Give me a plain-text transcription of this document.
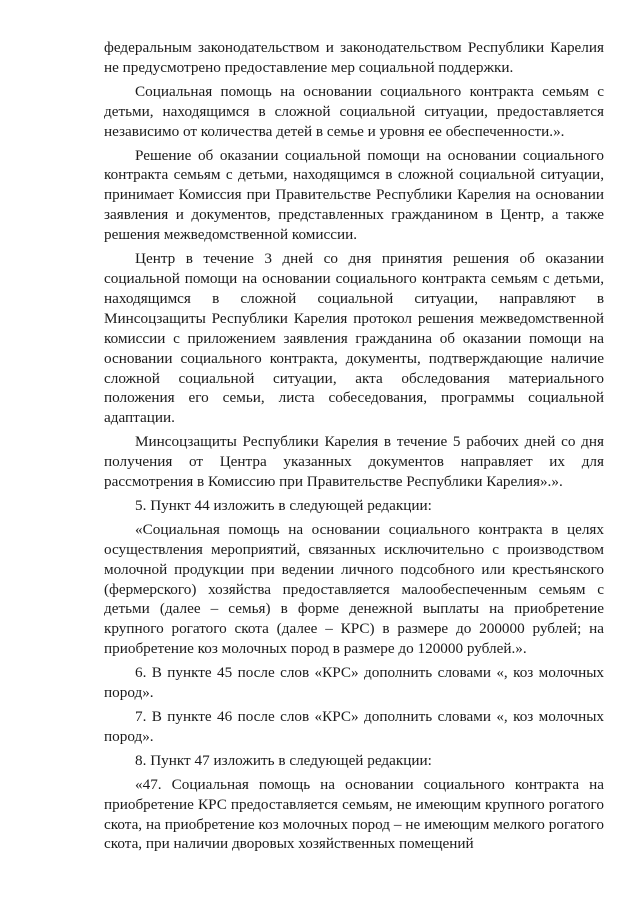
федеральным законодательством и законодательством Республики Карелия не предусмотрено предоставление мер социальной поддержки.

Социальная помощь на основании социального контракта семьям с детьми, находящимся в сложной социальной ситуации, предоставляется независимо от количества детей в семье и уровня ее обеспеченности.».

Решение об оказании социальной помощи на основании социального контракта семьям с детьми, находящимся в сложной социальной ситуации, принимает Комиссия при Правительстве Республики Карелия на основании заявления и документов, представленных гражданином в Центр, а также решения межведомственной комиссии.

Центр в течение 3 дней со дня принятия решения об оказании социальной помощи на основании социального контракта семьям с детьми, находящимся в сложной социальной ситуации, направляют в Минсоцзащиты Республики Карелия протокол решения межведомственной комиссии с приложением заявления гражданина об оказании помощи на основании социального контракта, документы, подтверждающие наличие сложной социальной ситуации, акта обследования материального положения его семьи, листа собеседования, программы социальной адаптации.

Минсоцзащиты Республики Карелия в течение 5 рабочих дней со дня получения от Центра указанных документов направляет их для рассмотрения в Комиссию при Правительстве Республики Карелия».».

5. Пункт 44 изложить в следующей редакции:

«Социальная помощь на основании социального контракта в целях осуществления мероприятий, связанных исключительно с производством молочной продукции при ведении личного подсобного или крестьянского (фермерского) хозяйства предоставляется малообеспеченным семьям с детьми (далее – семья) в форме денежной выплаты на приобретение крупного рогатого скота (далее – КРС) в размере до 200000 рублей; на приобретение коз молочных пород в размере до 120000 рублей.».

6. В пункте 45 после слов «КРС» дополнить словами «, коз молочных пород».

7. В пункте 46 после слов «КРС» дополнить словами «, коз молочных пород».

8. Пункт 47 изложить в следующей редакции:

«47. Социальная помощь на основании социального контракта на приобретение КРС предоставляется семьям, не имеющим крупного рогатого скота, на приобретение коз молочных пород – не имеющим мелкого рогатого скота, при наличии дворовых хозяйственных помещений
